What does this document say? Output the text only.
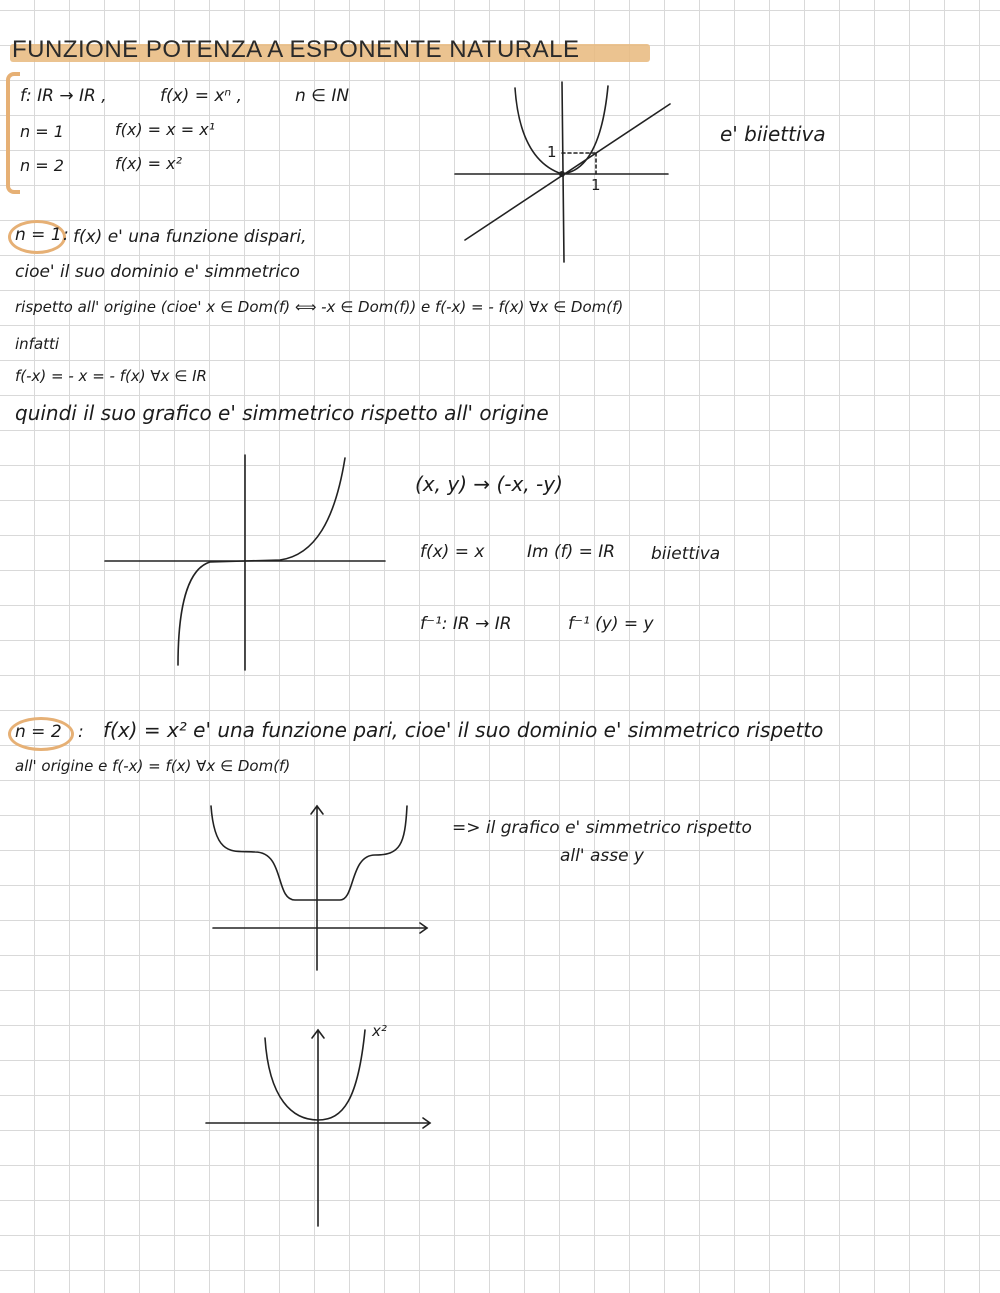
FUNZIONE POTENZA A ESPONENTE NATURALE
f: IR → IR ,	f(x) = xⁿ ,	n ∈ IN
n = 1	f(x) = x = x¹
n = 2	f(x) = x²
1
1
e' biiettiva
n = 1 : f(x) e' una funzione dispari,
cioe' il suo dominio e' simmetrico
rispetto all' origine (cioe' x ∈ Dom(f) ⟺ -x ∈ Dom(f)) e f(-x) = - f(x) ∀x ∈ Dom(f)
infatti
f(-x) = - x = - f(x) ∀x ∈ IR
quindi il suo grafico e' simmetrico rispetto all' origine
(x, y) → (-x, -y)
f(x) = x	Im (f) = IR biiettiva
f⁻¹: IR → IR	f⁻¹ (y) = y
n = 2 : f(x) = x² e' una funzione pari, cioe' il suo dominio e' simmetrico rispetto
all' origine e f(-x) = f(x) ∀x ∈ Dom(f)
=> il grafico e' simmetrico rispetto
all' asse y
x²
